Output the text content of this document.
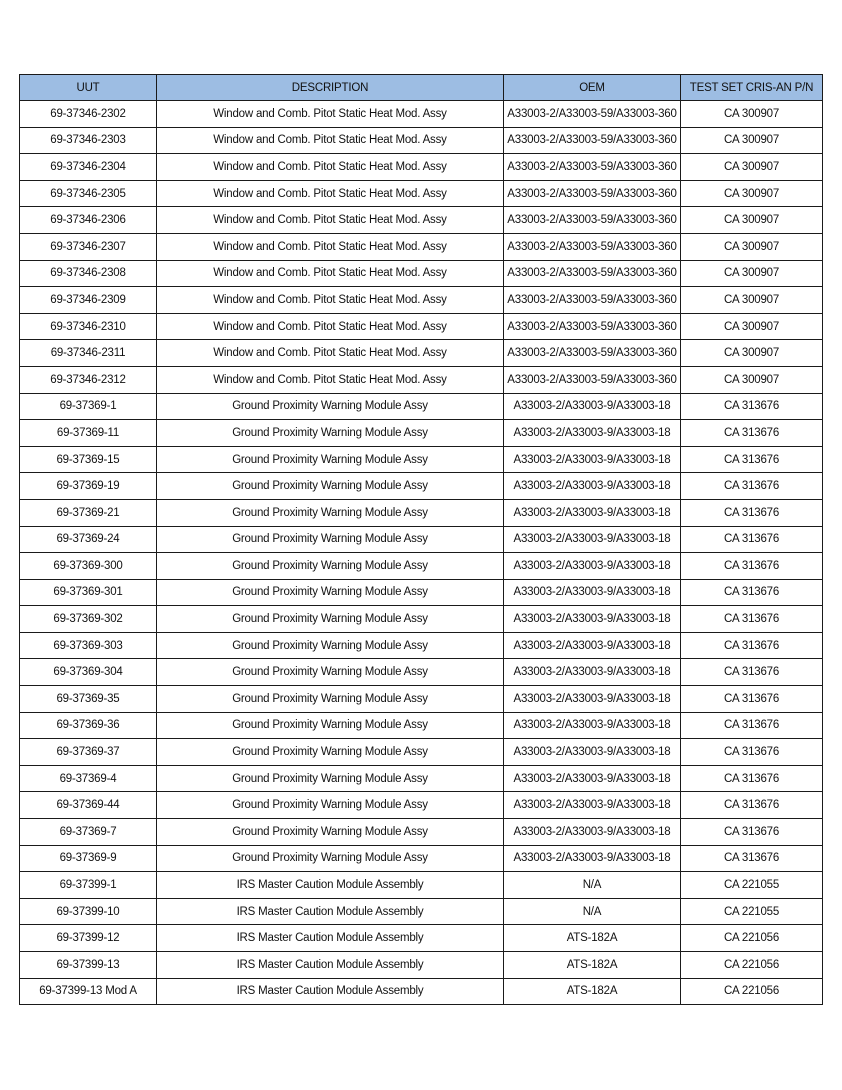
UUT	DESCRIPTION	OEM	TEST SET CRIS-AN P/N
69-37346-2302	Window and Comb. Pitot Static Heat Mod. Assy	A33003-2/A33003-59/A33003-360	CA 300907
69-37346-2303	Window and Comb. Pitot Static Heat Mod. Assy	A33003-2/A33003-59/A33003-360	CA 300907
69-37346-2304	Window and Comb. Pitot Static Heat Mod. Assy	A33003-2/A33003-59/A33003-360	CA 300907
69-37346-2305	Window and Comb. Pitot Static Heat Mod. Assy	A33003-2/A33003-59/A33003-360	CA 300907
69-37346-2306	Window and Comb. Pitot Static Heat Mod. Assy	A33003-2/A33003-59/A33003-360	CA 300907
69-37346-2307	Window and Comb. Pitot Static Heat Mod. Assy	A33003-2/A33003-59/A33003-360	CA 300907
69-37346-2308	Window and Comb. Pitot Static Heat Mod. Assy	A33003-2/A33003-59/A33003-360	CA 300907
69-37346-2309	Window and Comb. Pitot Static Heat Mod. Assy	A33003-2/A33003-59/A33003-360	CA 300907
69-37346-2310	Window and Comb. Pitot Static Heat Mod. Assy	A33003-2/A33003-59/A33003-360	CA 300907
69-37346-2311	Window and Comb. Pitot Static Heat Mod. Assy	A33003-2/A33003-59/A33003-360	CA 300907
69-37346-2312	Window and Comb. Pitot Static Heat Mod. Assy	A33003-2/A33003-59/A33003-360	CA 300907
69-37369-1	Ground Proximity Warning Module Assy	A33003-2/A33003-9/A33003-18	CA 313676
69-37369-11	Ground Proximity Warning Module Assy	A33003-2/A33003-9/A33003-18	CA 313676
69-37369-15	Ground Proximity Warning Module Assy	A33003-2/A33003-9/A33003-18	CA 313676
69-37369-19	Ground Proximity Warning Module Assy	A33003-2/A33003-9/A33003-18	CA 313676
69-37369-21	Ground Proximity Warning Module Assy	A33003-2/A33003-9/A33003-18	CA 313676
69-37369-24	Ground Proximity Warning Module Assy	A33003-2/A33003-9/A33003-18	CA 313676
69-37369-300	Ground Proximity Warning Module Assy	A33003-2/A33003-9/A33003-18	CA 313676
69-37369-301	Ground Proximity Warning Module Assy	A33003-2/A33003-9/A33003-18	CA 313676
69-37369-302	Ground Proximity Warning Module Assy	A33003-2/A33003-9/A33003-18	CA 313676
69-37369-303	Ground Proximity Warning Module Assy	A33003-2/A33003-9/A33003-18	CA 313676
69-37369-304	Ground Proximity Warning Module Assy	A33003-2/A33003-9/A33003-18	CA 313676
69-37369-35	Ground Proximity Warning Module Assy	A33003-2/A33003-9/A33003-18	CA 313676
69-37369-36	Ground Proximity Warning Module Assy	A33003-2/A33003-9/A33003-18	CA 313676
69-37369-37	Ground Proximity Warning Module Assy	A33003-2/A33003-9/A33003-18	CA 313676
69-37369-4	Ground Proximity Warning Module Assy	A33003-2/A33003-9/A33003-18	CA 313676
69-37369-44	Ground Proximity Warning Module Assy	A33003-2/A33003-9/A33003-18	CA 313676
69-37369-7	Ground Proximity Warning Module Assy	A33003-2/A33003-9/A33003-18	CA 313676
69-37369-9	Ground Proximity Warning Module Assy	A33003-2/A33003-9/A33003-18	CA 313676
69-37399-1	IRS Master Caution Module Assembly	N/A	CA 221055
69-37399-10	IRS Master Caution Module Assembly	N/A	CA 221055
69-37399-12	IRS Master Caution Module Assembly	ATS-182A	CA 221056
69-37399-13	IRS Master Caution Module Assembly	ATS-182A	CA 221056
69-37399-13 Mod A	IRS Master Caution Module Assembly	ATS-182A	CA 221056
